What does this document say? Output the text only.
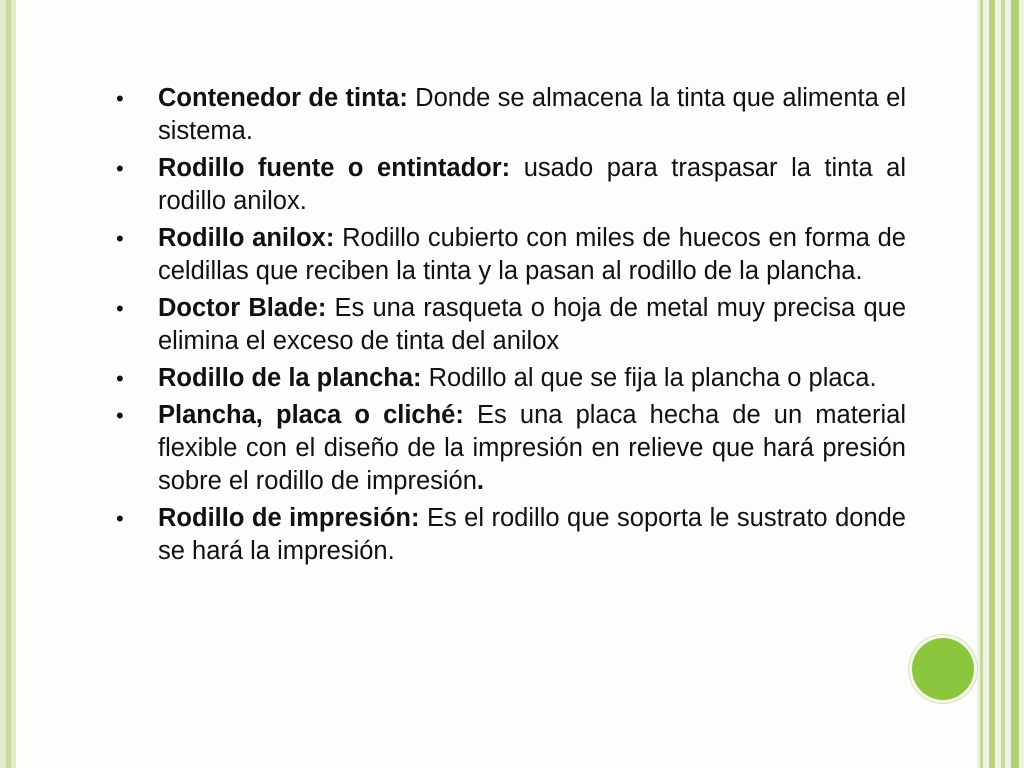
•	Contenedor de tinta: Donde se almacena la tinta que alimenta el sistema.
•	Rodillo fuente o entintador: usado para traspasar la tinta al rodillo anilox.
•	Rodillo anilox: Rodillo cubierto con miles de huecos en forma de celdillas que reciben la tinta y la pasan al rodillo de la plancha.
•	Doctor Blade: Es una rasqueta o hoja de metal muy precisa que elimina el exceso de tinta del anilox
•	Rodillo de la plancha: Rodillo al que se fija la plancha o placa.
•	Plancha, placa o cliché: Es una placa hecha de un material flexible con el diseño de la impresión en relieve que hará presión sobre el rodillo de impresión.
•	Rodillo de impresión: Es el rodillo que soporta le sustrato donde se hará la impresión.
